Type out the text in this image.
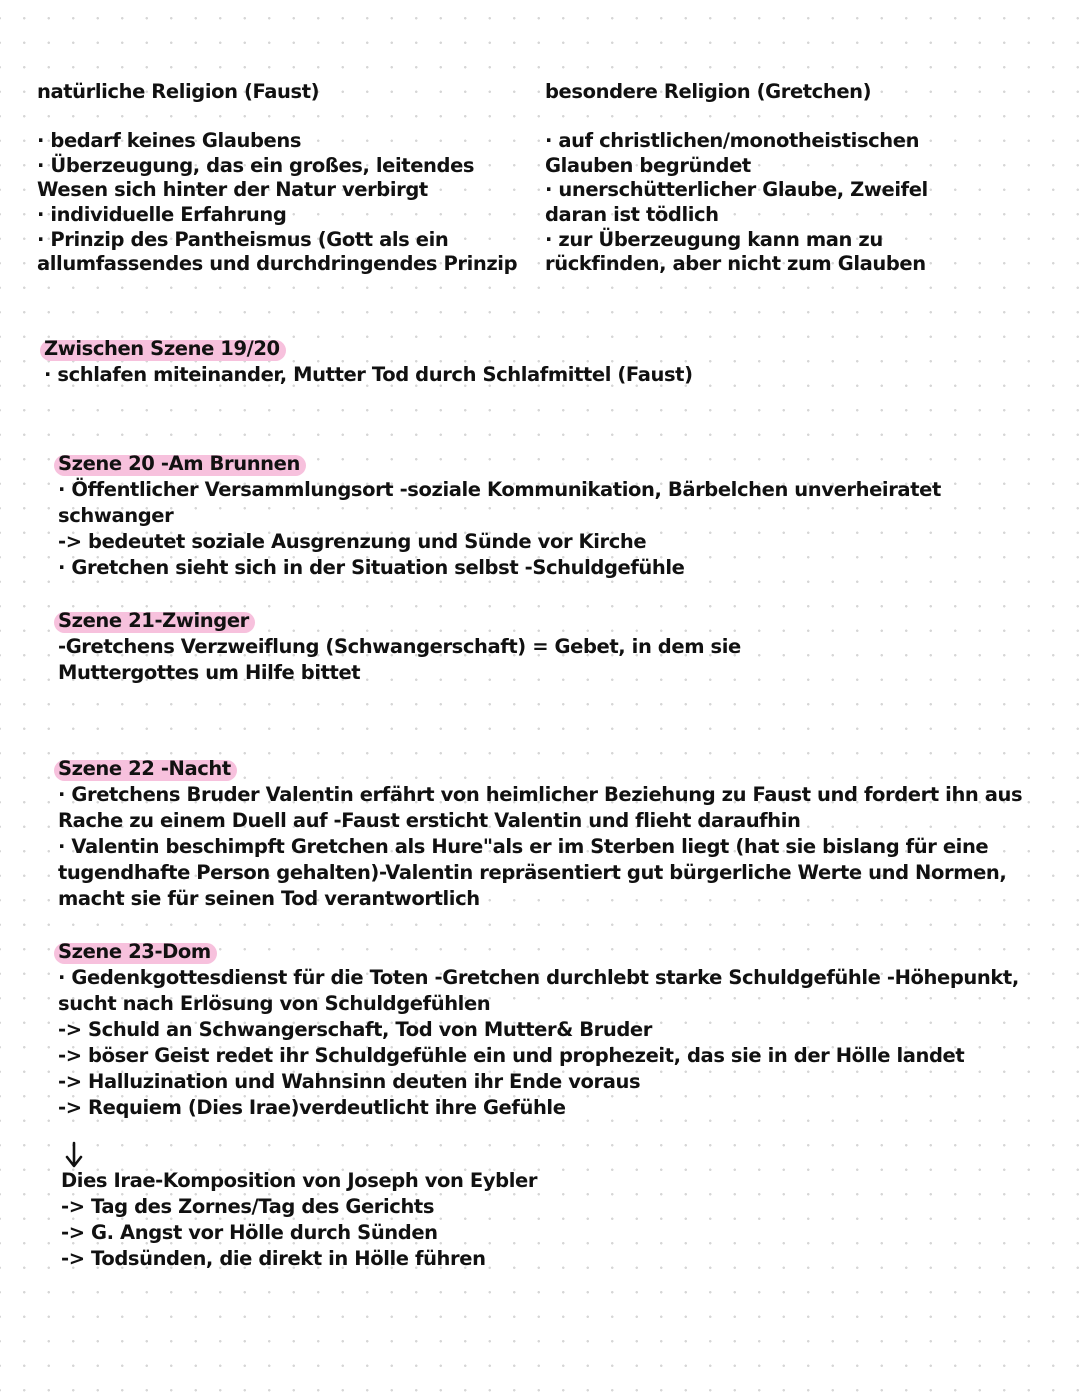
natürliche Religion (Faust)
· bedarf keines Glaubens
· Überzeugung, das ein großes, leitendes
Wesen sich hinter der Natur verbirgt
· individuelle Erfahrung
· Prinzip des Pantheismus (Gott als ein
allumfassendes und durchdringendes Prinzip
besondere Religion (Gretchen)
· auf christlichen/monotheistischen
Glauben begründet
· unerschütterlicher Glaube, Zweifel
daran ist tödlich
· zur Überzeugung kann man zu
rückfinden, aber nicht zum Glauben
Zwischen Szene 19/20
· schlafen miteinander, Mutter Tod durch Schlafmittel (Faust)
Szene 20 -Am Brunnen
· Öffentlicher Versammlungsort -soziale Kommunikation, Bärbelchen unverheiratet
schwanger
-> bedeutet soziale Ausgrenzung und Sünde vor Kirche
· Gretchen sieht sich in der Situation selbst -Schuldgefühle
Szene 21-Zwinger
-Gretchens Verzweiflung (Schwangerschaft) = Gebet, in dem sie
Muttergottes um Hilfe bittet
Szene 22 -Nacht
· Gretchens Bruder Valentin erfährt von heimlicher Beziehung zu Faust und fordert ihn aus
Rache zu einem Duell auf -Faust ersticht Valentin und flieht daraufhin
· Valentin beschimpft Gretchen als Hure"als er im Sterben liegt (hat sie bislang für eine
tugendhafte Person gehalten)-Valentin repräsentiert gut bürgerliche Werte und Normen,
macht sie für seinen Tod verantwortlich
Szene 23-Dom
· Gedenkgottesdienst für die Toten -Gretchen durchlebt starke Schuldgefühle -Höhepunkt,
sucht nach Erlösung von Schuldgefühlen
-> Schuld an Schwangerschaft, Tod von Mutter& Bruder
-> böser Geist redet ihr Schuldgefühle ein und prophezeit, das sie in der Hölle landet
-> Halluzination und Wahnsinn deuten ihr Ende voraus
-> Requiem (Dies Irae)verdeutlicht ihre Gefühle
Dies Irae-Komposition von Joseph von Eybler
-> Tag des Zornes/Tag des Gerichts
-> G. Angst vor Hölle durch Sünden
-> Todsünden, die direkt in Hölle führen
